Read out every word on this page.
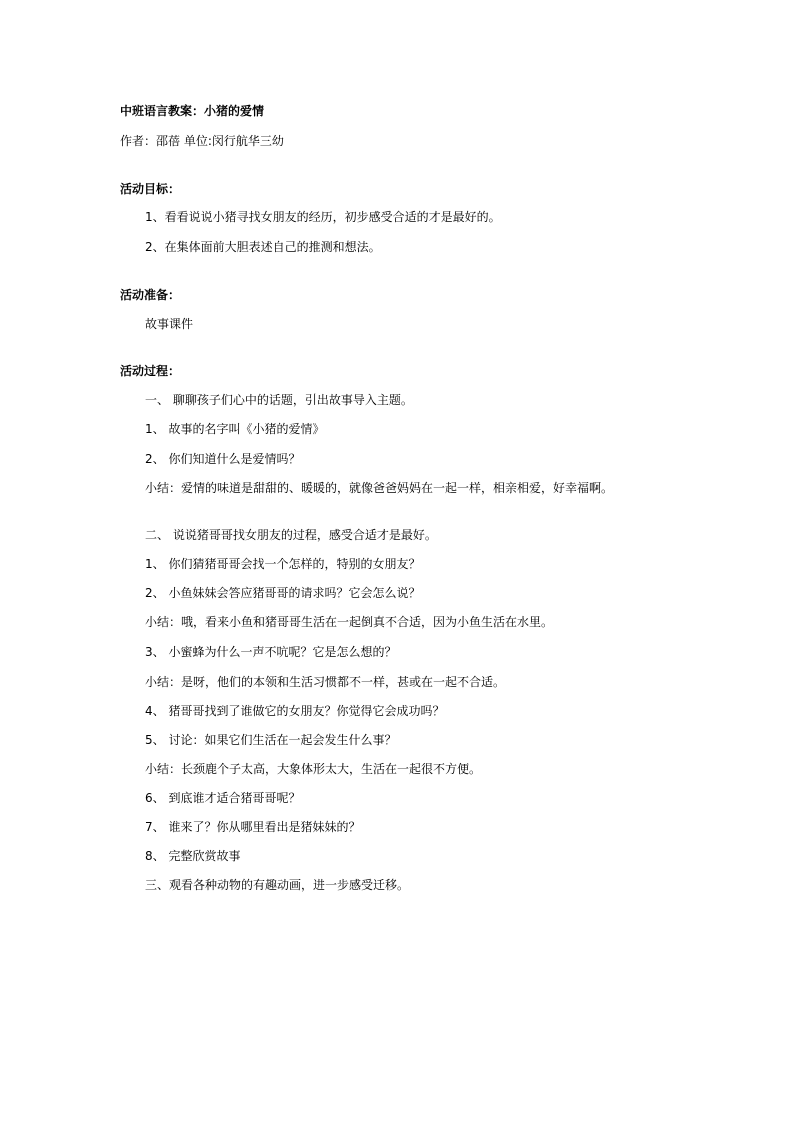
中班语言教案：小猪的爱情
作者：邵蓓 单位:闵行航华三幼
活动目标：
1、看看说说小猪寻找女朋友的经历，初步感受合适的才是最好的。
2、在集体面前大胆表述自己的推测和想法。
活动准备：
故事课件
活动过程：
一、 聊聊孩子们心中的话题，引出故事导入主题。
1、 故事的名字叫《小猪的爱情》
2、 你们知道什么是爱情吗？
小结：爱情的味道是甜甜的、暖暖的，就像爸爸妈妈在一起一样，相亲相爱，好幸福啊。
二、 说说猪哥哥找女朋友的过程，感受合适才是最好。
1、 你们猜猪哥哥会找一个怎样的，特别的女朋友？
2、 小鱼妹妹会答应猪哥哥的请求吗？它会怎么说？
小结：哦，看来小鱼和猪哥哥生活在一起倒真不合适，因为小鱼生活在水里。
3、 小蜜蜂为什么一声不吭呢？它是怎么想的？
小结：是呀，他们的本领和生活习惯都不一样，甚或在一起不合适。
4、 猪哥哥找到了谁做它的女朋友？你觉得它会成功吗？
5、 讨论：如果它们生活在一起会发生什么事？
小结：长颈鹿个子太高，大象体形太大，生活在一起很不方便。
6、 到底谁才适合猪哥哥呢？
7、 谁来了？你从哪里看出是猪妹妹的？
8、 完整欣赏故事
三、观看各种动物的有趣动画，进一步感受迁移。
